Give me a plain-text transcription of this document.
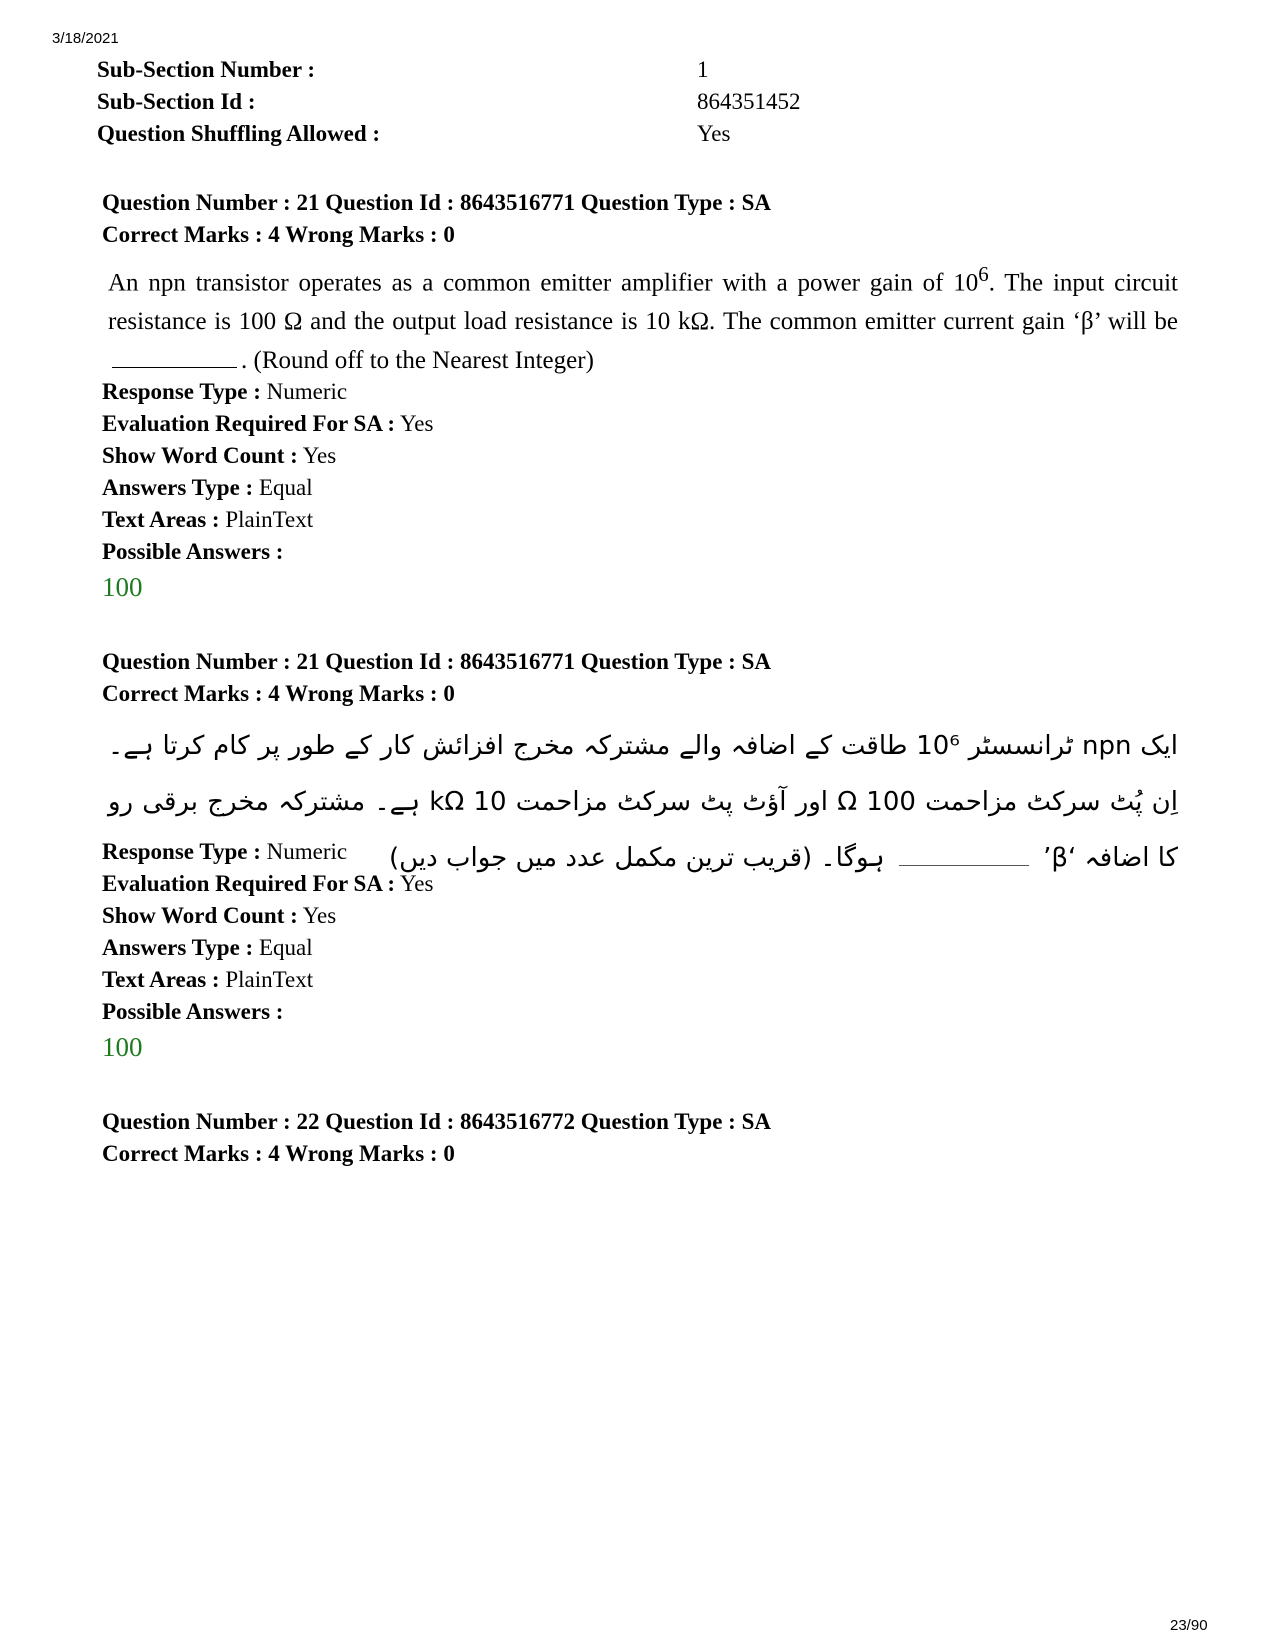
3/18/2021
Sub-Section Number :	1
Sub-Section Id :	864351452
Question Shuffling Allowed :	Yes
Question Number : 21 Question Id : 8643516771 Question Type : SA
Correct Marks : 4 Wrong Marks : 0
An npn transistor operates as a common emitter amplifier with a power gain of $10^6$. The input circuit resistance is 100 Ω and the output load resistance is 10 kΩ. The common emitter current gain ‘β’ will be . (Round off to the Nearest Integer)
Response Type : Numeric
Evaluation Required For SA : Yes
Show Word Count : Yes
Answers Type : Equal
Text Areas : PlainText
Possible Answers :
100
Question Number : 21 Question Id : 8643516771 Question Type : SA
Correct Marks : 4 Wrong Marks : 0
ایک npn ٹرانسسٹر 10⁶ طاقت کے اضافہ والے مشترکہ مخرج افزائش کار کے طور پر کام کرتا ہے۔ اِن پُٹ سرکٹ مزاحمت Ω 100 اور آؤٹ پٹ سرکٹ مزاحمت 10 kΩ ہے۔ مشترکہ مخرج برقی رو کا اضافہ ‘β’  ہوگا۔ (قریب ترین مکمل عدد میں جواب دیں)
Response Type : Numeric
Evaluation Required For SA : Yes
Show Word Count : Yes
Answers Type : Equal
Text Areas : PlainText
Possible Answers :
100
Question Number : 22 Question Id : 8643516772 Question Type : SA
Correct Marks : 4 Wrong Marks : 0
23/90
